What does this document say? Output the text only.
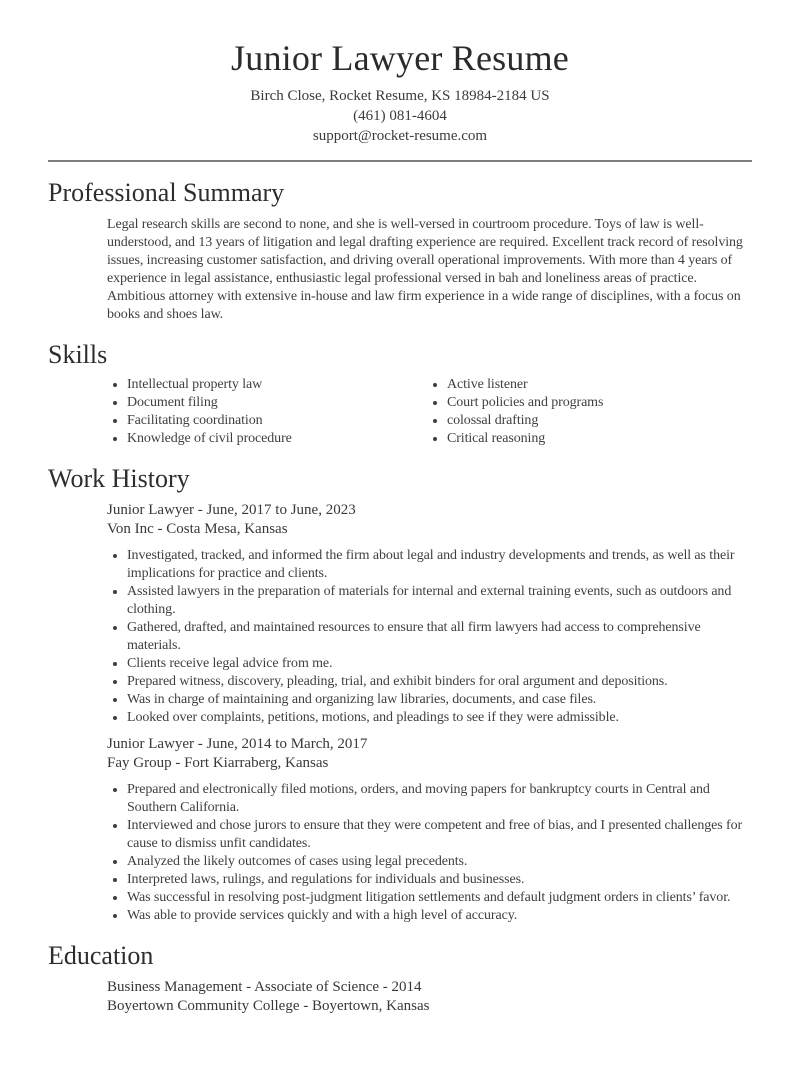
Junior Lawyer Resume
Birch Close, Rocket Resume, KS 18984-2184 US
(461) 081-4604
support@rocket-resume.com
Professional Summary

Legal research skills are second to none, and she is well-versed in courtroom procedure. Toys of law is well-understood, and 13 years of litigation and legal drafting experience are required. Excellent track record of resolving issues, increasing customer satisfaction, and driving overall operational improvements. With more than 4 years of experience in legal assistance, enthusiastic legal professional versed in bah and loneliness areas of practice. Ambitious attorney with extensive in-house and law firm experience in a wide range of disciplines, with a focus on books and shoes law.

Skills
• Intellectual property law
• Document filing
• Facilitating coordination
• Knowledge of civil procedure
• Active listener
• Court policies and programs
• colossal drafting
• Critical reasoning
Work History
Junior Lawyer - June, 2017 to June, 2023
Von Inc - Costa Mesa, Kansas
• Investigated, tracked, and informed the firm about legal and industry developments and trends, as well as their implications for practice and clients.
• Assisted lawyers in the preparation of materials for internal and external training events, such as outdoors and clothing.
• Gathered, drafted, and maintained resources to ensure that all firm lawyers had access to comprehensive materials.
• Clients receive legal advice from me.
• Prepared witness, discovery, pleading, trial, and exhibit binders for oral argument and depositions.
• Was in charge of maintaining and organizing law libraries, documents, and case files.
• Looked over complaints, petitions, motions, and pleadings to see if they were admissible.
Junior Lawyer - June, 2014 to March, 2017
Fay Group - Fort Kiarraberg, Kansas
• Prepared and electronically filed motions, orders, and moving papers for bankruptcy courts in Central and Southern California.
• Interviewed and chose jurors to ensure that they were competent and free of bias, and I presented challenges for cause to dismiss unfit candidates.
• Analyzed the likely outcomes of cases using legal precedents.
• Interpreted laws, rulings, and regulations for individuals and businesses.
• Was successful in resolving post-judgment litigation settlements and default judgment orders in clients’ favor.
• Was able to provide services quickly and with a high level of accuracy.
Education
Business Management - Associate of Science - 2014
Boyertown Community College - Boyertown, Kansas
